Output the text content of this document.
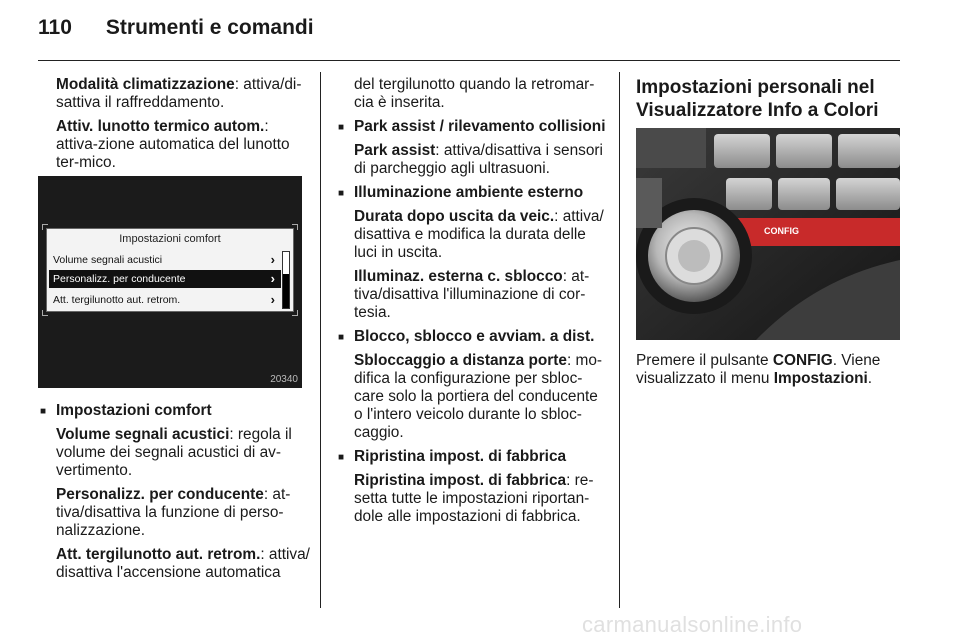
110 Strumenti e comandi

Modalità climatizzazione: attiva/di-sattiva il raffreddamento.

Attiv. lunotto termico autom.: attiva-zione automatica del lunotto ter-mico.

Impostazioni comfort
Volume segnali acustici	›
Personalizz. per conducente	›
Att. tergilunotto aut. retrom.	›
20340
■ Impostazioni comfort

Volume segnali acustici: regola il volume dei segnali acustici di av-vertimento.

Personalizz. per conducente: at-tiva/disattiva la funzione di perso-nalizzazione.

Att. tergilunotto aut. retrom.: attiva/ disattiva l'accensione automatica

del tergilunotto quando la retromar-cia è inserita.

■ Park assist / rilevamento collisioni

Park assist: attiva/disattiva i sensori di parcheggio agli ultrasuoni.

■ Illuminazione ambiente esterno

Durata dopo uscita da veic.: attiva/ disattiva e modifica la durata delle luci in uscita.

Illuminaz. esterna c. sblocco: at-tiva/disattiva l'illuminazione di cor-tesia.

■ Blocco, sblocco e avviam. a dist.

Sbloccaggio a distanza porte: mo-difica la configurazione per sbloc-care solo la portiera del conducente o l'intero veicolo durante lo sbloc-caggio.

■ Ripristina impost. di fabbrica

Ripristina impost. di fabbrica: re-setta tutte le impostazioni riportan-dole alle impostazioni di fabbrica.

Impostazioni personali nel Visualizzatore Info a Colori
CONFIG
Premere il pulsante CONFIG. Viene visualizzato il menu Impostazioni.
carmanualsonline.info
